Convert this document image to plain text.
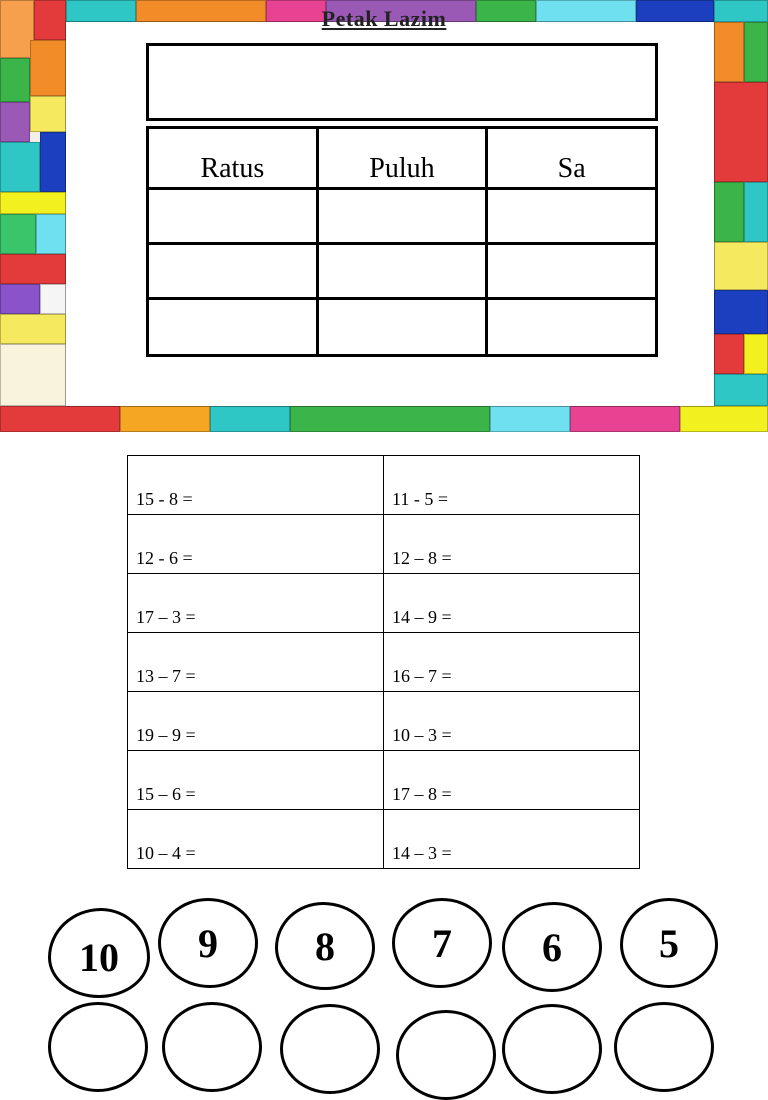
Petak Lazim
Ratus	Puluh	Sa

15 - 8 =	11 - 5 =
12 - 6 =	12 – 8 =
17 – 3 =	14 – 9 =
13 – 7 =	16 – 7 =
19 – 9 =	10 – 3 =
15 – 6 =	17 – 8 =
10 – 4 =	14 – 3 =
10	9	8	7	6	5
